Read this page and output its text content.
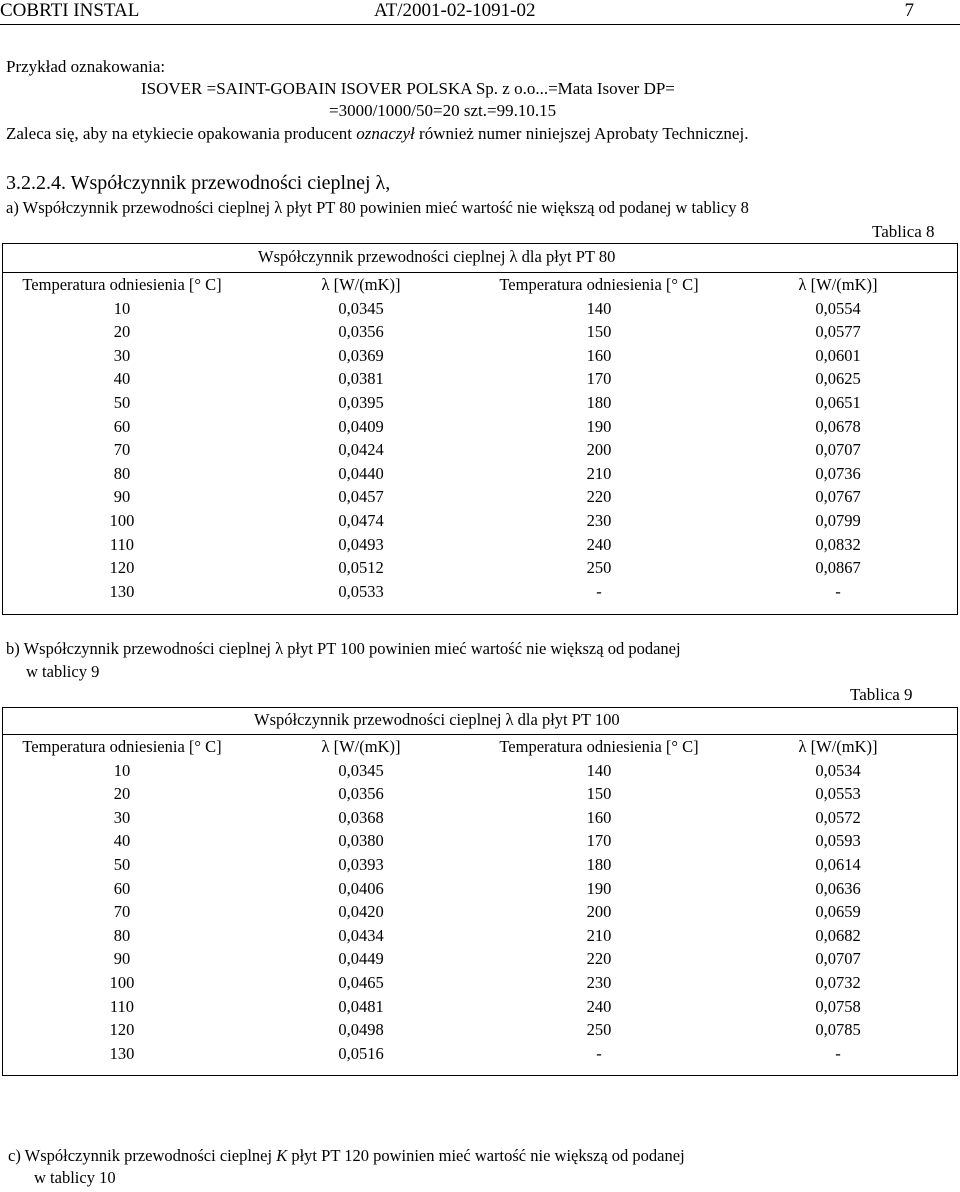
COBRTI INSTAL	AT/2001-02-1091-02	7
Przykład oznakowania:
ISOVER =SAINT-GOBAIN ISOVER POLSKA Sp. z o.o...=Mata Isover DP=
=3000/1000/50=20 szt.=99.10.15
Zaleca się, aby na etykiecie opakowania producent oznaczył również numer niniejszej Aprobaty Technicznej.
3.2.2.4. Współczynnik przewodności cieplnej λ,
a) Współczynnik przewodności cieplnej λ płyt PT 80 powinien mieć wartość nie większą od podanej w tablicy 8
Tablica 8
Współczynnik przewodności cieplnej λ dla płyt PT 80
Temperatura odniesienia [° C]	λ [W/(mK)]	Temperatura odniesienia [° C]	λ [W/(mK)]
10	0,0345	140	0,0554
20	0,0356	150	0,0577
30	0,0369	160	0,0601
40	0,0381	170	0,0625
50	0,0395	180	0,0651
60	0,0409	190	0,0678
70	0,0424	200	0,0707
80	0,0440	210	0,0736
90	0,0457	220	0,0767
100	0,0474	230	0,0799
110	0,0493	240	0,0832
120	0,0512	250	0,0867
130	0,0533	-	-
b) Współczynnik przewodności cieplnej λ płyt PT 100 powinien mieć wartość nie większą od podanej
w tablicy 9
Tablica 9
Współczynnik przewodności cieplnej λ dla płyt PT 100
Temperatura odniesienia [° C]	λ [W/(mK)]	Temperatura odniesienia [° C]	λ [W/(mK)]
10	0,0345	140	0,0534
20	0,0356	150	0,0553
30	0,0368	160	0,0572
40	0,0380	170	0,0593
50	0,0393	180	0,0614
60	0,0406	190	0,0636
70	0,0420	200	0,0659
80	0,0434	210	0,0682
90	0,0449	220	0,0707
100	0,0465	230	0,0732
110	0,0481	240	0,0758
120	0,0498	250	0,0785
130	0,0516	-	-
c) Współczynnik przewodności cieplnej K płyt PT 120 powinien mieć wartość nie większą od podanej
w tablicy 10
